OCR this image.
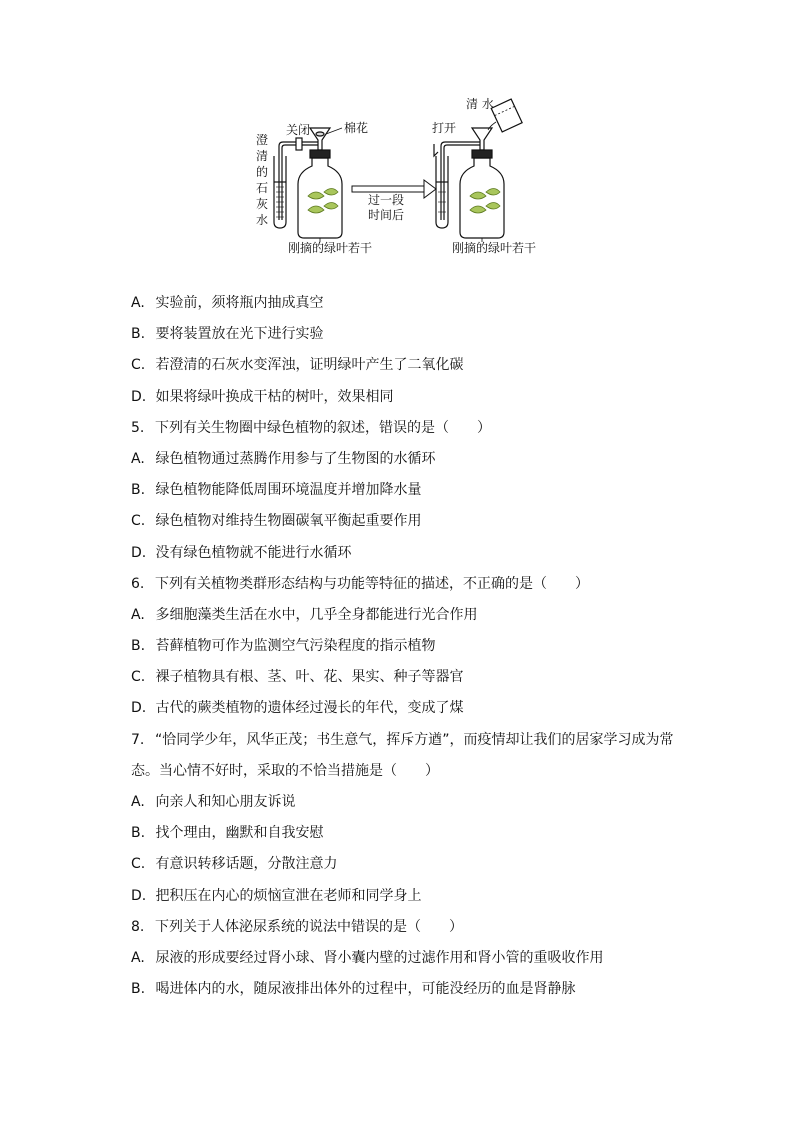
澄
清
的
石
灰
水
关闭	棉花
刚摘的绿叶若干
过一段
时间后
打开
清 水
刚摘的绿叶若干
A. 实验前，须将瓶内抽成真空
B. 要将装置放在光下进行实验
C. 若澄清的石灰水变浑浊，证明绿叶产生了二氧化碳
D. 如果将绿叶换成干枯的树叶，效果相同
5. 下列有关生物圈中绿色植物的叙述，错误的是（　　）
A. 绿色植物通过蒸腾作用参与了生物图的水循环
B. 绿色植物能降低周围环境温度并增加降水量
C. 绿色植物对维持生物圈碳氧平衡起重要作用
D. 没有绿色植物就不能进行水循环
6. 下列有关植物类群形态结构与功能等特征的描述，不正确的是（　　）
A. 多细胞藻类生活在水中，几乎全身都能进行光合作用
B. 苔藓植物可作为监测空气污染程度的指示植物
C. 裸子植物具有根、茎、叶、花、果实、种子等器官
D. 古代的蕨类植物的遗体经过漫长的年代，变成了煤
7. “恰同学少年，风华正茂；书生意气，挥斥方遒”，而疫情却让我们的居家学习成为常
态。当心情不好时，采取的不恰当措施是（　　）
A. 向亲人和知心朋友诉说
B. 找个理由，幽默和自我安慰
C. 有意识转移话题，分散注意力
D. 把积压在内心的烦恼宣泄在老师和同学身上
8. 下列关于人体泌尿系统的说法中错误的是（　　）
A. 尿液的形成要经过肾小球、肾小囊内壁的过滤作用和肾小管的重吸收作用
B. 喝进体内的水，随尿液排出体外的过程中，可能没经历的血是肾静脉
